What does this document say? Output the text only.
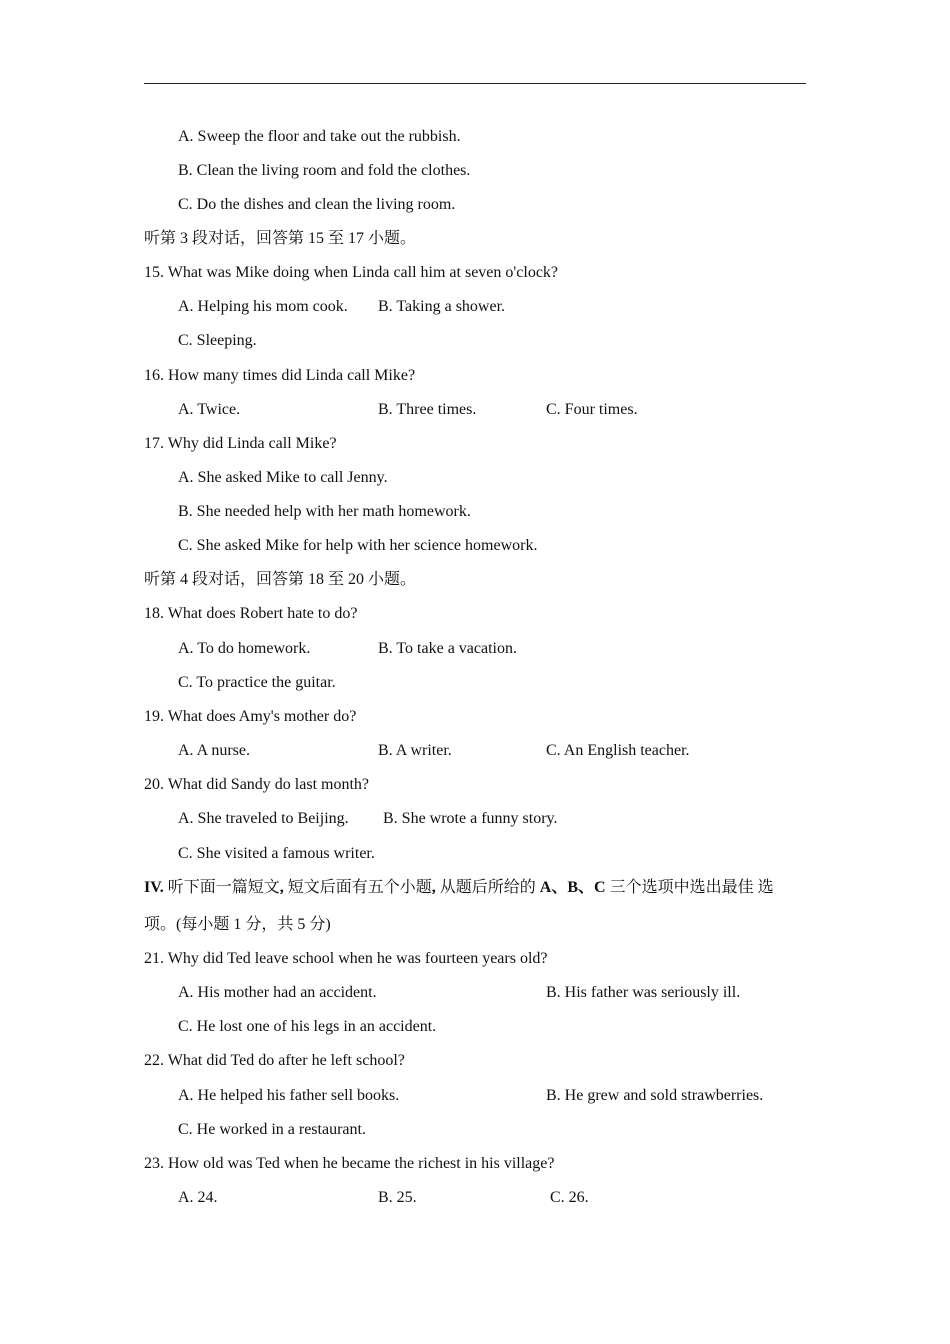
A. Sweep the floor and take out the rubbish.
B. Clean the living room and fold the clothes.
C. Do the dishes and clean the living room.
听第 3 段对话，回答第 15 至 17 小题。
15. What was Mike doing when Linda call him at seven o'clock?
A. Helping his mom cook. B. Taking a shower.
C. Sleeping.
16. How many times did Linda call Mike?
A. Twice.	B. Three times.	C. Four times.
17. Why did Linda call Mike?
A. She asked Mike to call Jenny.
B. She needed help with her math homework.
C. She asked Mike for help with her science homework.
听第 4 段对话，回答第 18 至 20 小题。
18. What does Robert hate to do?
A. To do homework.	B. To take a vacation.
C. To practice the guitar.
19. What does Amy's mother do?
A. A nurse.	B. A writer.	C. An English teacher.
20. What did Sandy do last month?
A. She traveled to Beijing. B. She wrote a funny story.
C. She visited a famous writer.
IV. 听下面一篇短文, 短文后面有五个小题, 从题后所给的 A、B、C 三个选项中选出最佳 选
项。(每小题 1 分，共 5 分)
21. Why did Ted leave school when he was fourteen years old?
A. His mother had an accident.	B. His father was seriously ill.
C. He lost one of his legs in an accident.
22. What did Ted do after he left school?
A. He helped his father sell books.	B. He grew and sold strawberries.
C. He worked in a restaurant.
23. How old was Ted when he became the richest in his village?
A. 24.	B. 25.	C. 26.
